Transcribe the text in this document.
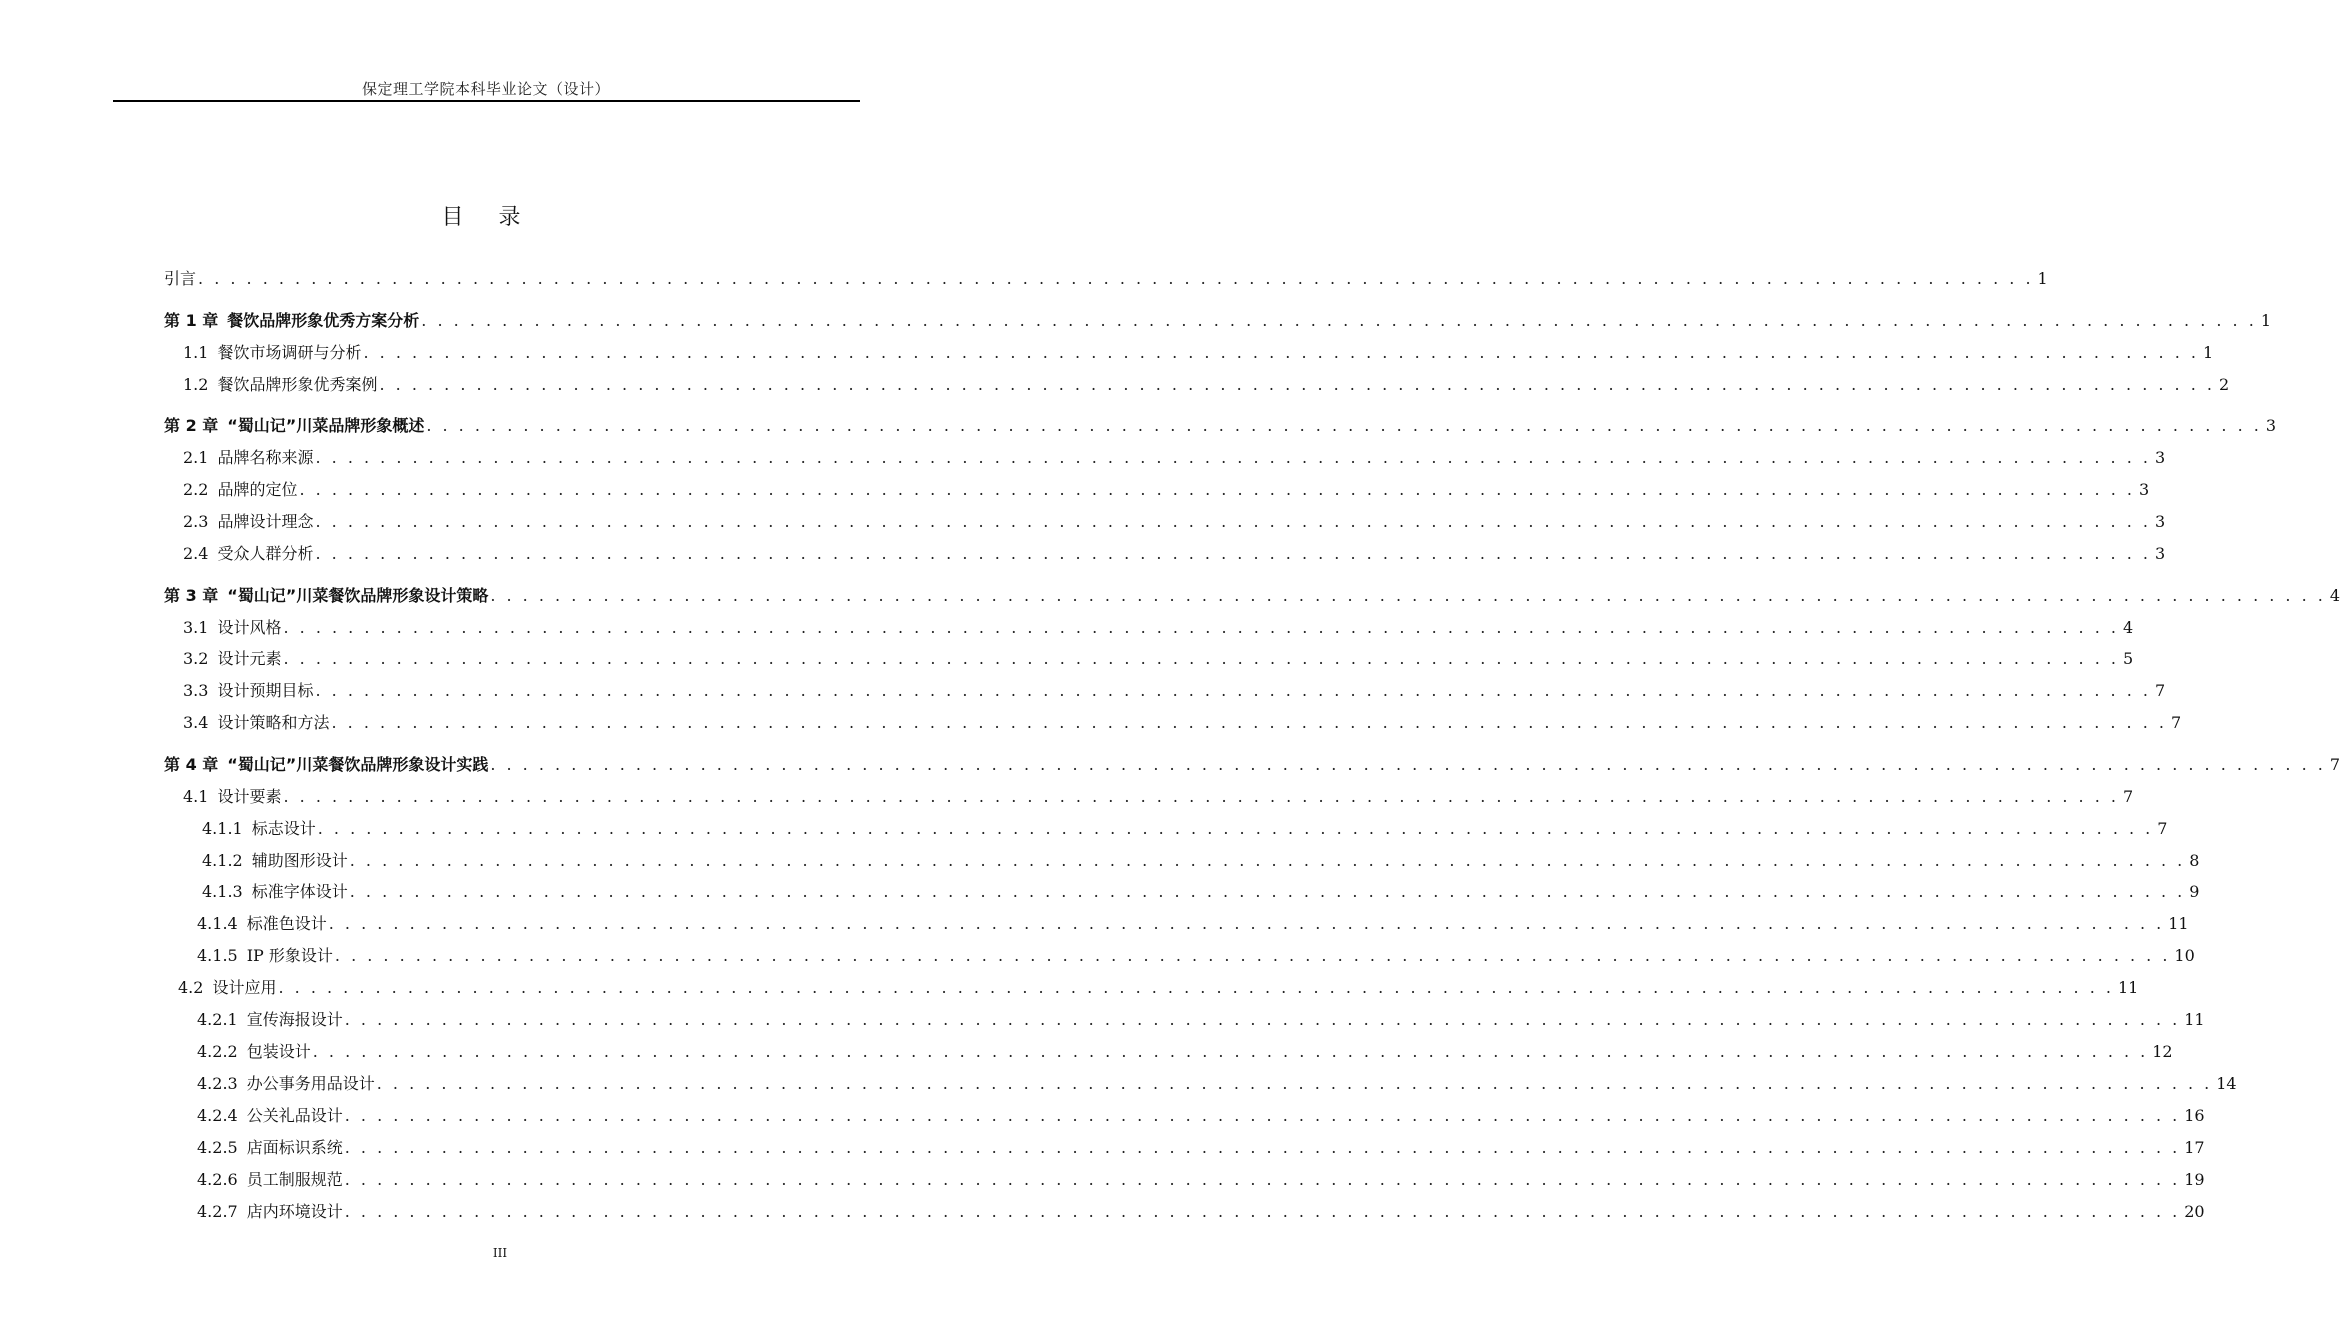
保定理工学院本科毕业论文（设计）
目 录
引言 . . . . . . . . . . . . . . . . . . . . . . . . . . . . . . . . . . . . . . . . . . . . . . . . . . . . . . . . . . . . . . . . . . . . . . . . . . . . . . . . . . . . . . . . . . . . . . . . . . . . . . . . . . . . . . . . . . 1
第 1 章 餐饮品牌形象优秀方案分析 . . . . . . . . . . . . . . . . . . . . . . . . . . . . . . . . . . . . . . . . . . . . . . . . . . . . . . . . . . . . . . . . . . . . . . . . . . . . . . . . . . . . . . . . . . . . . . . . . . . . . . . . . . . . . . . . . . 1
1.1 餐饮市场调研与分析 . . . . . . . . . . . . . . . . . . . . . . . . . . . . . . . . . . . . . . . . . . . . . . . . . . . . . . . . . . . . . . . . . . . . . . . . . . . . . . . . . . . . . . . . . . . . . . . . . . . . . . . . . . . . . . . . . . 1
1.2 餐饮品牌形象优秀案例 . . . . . . . . . . . . . . . . . . . . . . . . . . . . . . . . . . . . . . . . . . . . . . . . . . . . . . . . . . . . . . . . . . . . . . . . . . . . . . . . . . . . . . . . . . . . . . . . . . . . . . . . . . . . . . . . . . 2
第 2 章 “蜀山记”川菜品牌形象概述 . . . . . . . . . . . . . . . . . . . . . . . . . . . . . . . . . . . . . . . . . . . . . . . . . . . . . . . . . . . . . . . . . . . . . . . . . . . . . . . . . . . . . . . . . . . . . . . . . . . . . . . . . . . . . . . . . . 3
2.1 品牌名称来源 . . . . . . . . . . . . . . . . . . . . . . . . . . . . . . . . . . . . . . . . . . . . . . . . . . . . . . . . . . . . . . . . . . . . . . . . . . . . . . . . . . . . . . . . . . . . . . . . . . . . . . . . . . . . . . . . . . 3
2.2 品牌的定位 . . . . . . . . . . . . . . . . . . . . . . . . . . . . . . . . . . . . . . . . . . . . . . . . . . . . . . . . . . . . . . . . . . . . . . . . . . . . . . . . . . . . . . . . . . . . . . . . . . . . . . . . . . . . . . . . . . 3
2.3 品牌设计理念 . . . . . . . . . . . . . . . . . . . . . . . . . . . . . . . . . . . . . . . . . . . . . . . . . . . . . . . . . . . . . . . . . . . . . . . . . . . . . . . . . . . . . . . . . . . . . . . . . . . . . . . . . . . . . . . . . . 3
2.4 受众人群分析 . . . . . . . . . . . . . . . . . . . . . . . . . . . . . . . . . . . . . . . . . . . . . . . . . . . . . . . . . . . . . . . . . . . . . . . . . . . . . . . . . . . . . . . . . . . . . . . . . . . . . . . . . . . . . . . . . . 3
第 3 章 “蜀山记”川菜餐饮品牌形象设计策略 . . . . . . . . . . . . . . . . . . . . . . . . . . . . . . . . . . . . . . . . . . . . . . . . . . . . . . . . . . . . . . . . . . . . . . . . . . . . . . . . . . . . . . . . . . . . . . . . . . . . . . . . . . . . . . . . . . 4
3.1 设计风格 . . . . . . . . . . . . . . . . . . . . . . . . . . . . . . . . . . . . . . . . . . . . . . . . . . . . . . . . . . . . . . . . . . . . . . . . . . . . . . . . . . . . . . . . . . . . . . . . . . . . . . . . . . . . . . . . . . 4
3.2 设计元素 . . . . . . . . . . . . . . . . . . . . . . . . . . . . . . . . . . . . . . . . . . . . . . . . . . . . . . . . . . . . . . . . . . . . . . . . . . . . . . . . . . . . . . . . . . . . . . . . . . . . . . . . . . . . . . . . . . 5
3.3 设计预期目标 . . . . . . . . . . . . . . . . . . . . . . . . . . . . . . . . . . . . . . . . . . . . . . . . . . . . . . . . . . . . . . . . . . . . . . . . . . . . . . . . . . . . . . . . . . . . . . . . . . . . . . . . . . . . . . . . . . 7
3.4 设计策略和方法 . . . . . . . . . . . . . . . . . . . . . . . . . . . . . . . . . . . . . . . . . . . . . . . . . . . . . . . . . . . . . . . . . . . . . . . . . . . . . . . . . . . . . . . . . . . . . . . . . . . . . . . . . . . . . . . . . . 7
第 4 章 “蜀山记”川菜餐饮品牌形象设计实践 . . . . . . . . . . . . . . . . . . . . . . . . . . . . . . . . . . . . . . . . . . . . . . . . . . . . . . . . . . . . . . . . . . . . . . . . . . . . . . . . . . . . . . . . . . . . . . . . . . . . . . . . . . . . . . . . . . 7
4.1 设计要素 . . . . . . . . . . . . . . . . . . . . . . . . . . . . . . . . . . . . . . . . . . . . . . . . . . . . . . . . . . . . . . . . . . . . . . . . . . . . . . . . . . . . . . . . . . . . . . . . . . . . . . . . . . . . . . . . . . 7
4.1.1 标志设计 . . . . . . . . . . . . . . . . . . . . . . . . . . . . . . . . . . . . . . . . . . . . . . . . . . . . . . . . . . . . . . . . . . . . . . . . . . . . . . . . . . . . . . . . . . . . . . . . . . . . . . . . . . . . . . . . . . 7
4.1.2 辅助图形设计 . . . . . . . . . . . . . . . . . . . . . . . . . . . . . . . . . . . . . . . . . . . . . . . . . . . . . . . . . . . . . . . . . . . . . . . . . . . . . . . . . . . . . . . . . . . . . . . . . . . . . . . . . . . . . . . . . . 8
4.1.3 标准字体设计 . . . . . . . . . . . . . . . . . . . . . . . . . . . . . . . . . . . . . . . . . . . . . . . . . . . . . . . . . . . . . . . . . . . . . . . . . . . . . . . . . . . . . . . . . . . . . . . . . . . . . . . . . . . . . . . . . . 9
4.1.4 标准色设计 . . . . . . . . . . . . . . . . . . . . . . . . . . . . . . . . . . . . . . . . . . . . . . . . . . . . . . . . . . . . . . . . . . . . . . . . . . . . . . . . . . . . . . . . . . . . . . . . . . . . . . . . . . . . . . . . . . 11
4.1.5 IP 形象设计 . . . . . . . . . . . . . . . . . . . . . . . . . . . . . . . . . . . . . . . . . . . . . . . . . . . . . . . . . . . . . . . . . . . . . . . . . . . . . . . . . . . . . . . . . . . . . . . . . . . . . . . . . . . . . . . . . . 10
4.2 设计应用 . . . . . . . . . . . . . . . . . . . . . . . . . . . . . . . . . . . . . . . . . . . . . . . . . . . . . . . . . . . . . . . . . . . . . . . . . . . . . . . . . . . . . . . . . . . . . . . . . . . . . . . . . . . . . . . . . . 11
4.2.1 宣传海报设计 . . . . . . . . . . . . . . . . . . . . . . . . . . . . . . . . . . . . . . . . . . . . . . . . . . . . . . . . . . . . . . . . . . . . . . . . . . . . . . . . . . . . . . . . . . . . . . . . . . . . . . . . . . . . . . . . . . 11
4.2.2 包装设计 . . . . . . . . . . . . . . . . . . . . . . . . . . . . . . . . . . . . . . . . . . . . . . . . . . . . . . . . . . . . . . . . . . . . . . . . . . . . . . . . . . . . . . . . . . . . . . . . . . . . . . . . . . . . . . . . . . 12
4.2.3 办公事务用品设计 . . . . . . . . . . . . . . . . . . . . . . . . . . . . . . . . . . . . . . . . . . . . . . . . . . . . . . . . . . . . . . . . . . . . . . . . . . . . . . . . . . . . . . . . . . . . . . . . . . . . . . . . . . . . . . . . . . 14
4.2.4 公关礼品设计 . . . . . . . . . . . . . . . . . . . . . . . . . . . . . . . . . . . . . . . . . . . . . . . . . . . . . . . . . . . . . . . . . . . . . . . . . . . . . . . . . . . . . . . . . . . . . . . . . . . . . . . . . . . . . . . . . . 16
4.2.5 店面标识系统 . . . . . . . . . . . . . . . . . . . . . . . . . . . . . . . . . . . . . . . . . . . . . . . . . . . . . . . . . . . . . . . . . . . . . . . . . . . . . . . . . . . . . . . . . . . . . . . . . . . . . . . . . . . . . . . . . . 17
4.2.6 员工制服规范 . . . . . . . . . . . . . . . . . . . . . . . . . . . . . . . . . . . . . . . . . . . . . . . . . . . . . . . . . . . . . . . . . . . . . . . . . . . . . . . . . . . . . . . . . . . . . . . . . . . . . . . . . . . . . . . . . . 19
4.2.7 店内环境设计 . . . . . . . . . . . . . . . . . . . . . . . . . . . . . . . . . . . . . . . . . . . . . . . . . . . . . . . . . . . . . . . . . . . . . . . . . . . . . . . . . . . . . . . . . . . . . . . . . . . . . . . . . . . . . . . . . . 20
III
